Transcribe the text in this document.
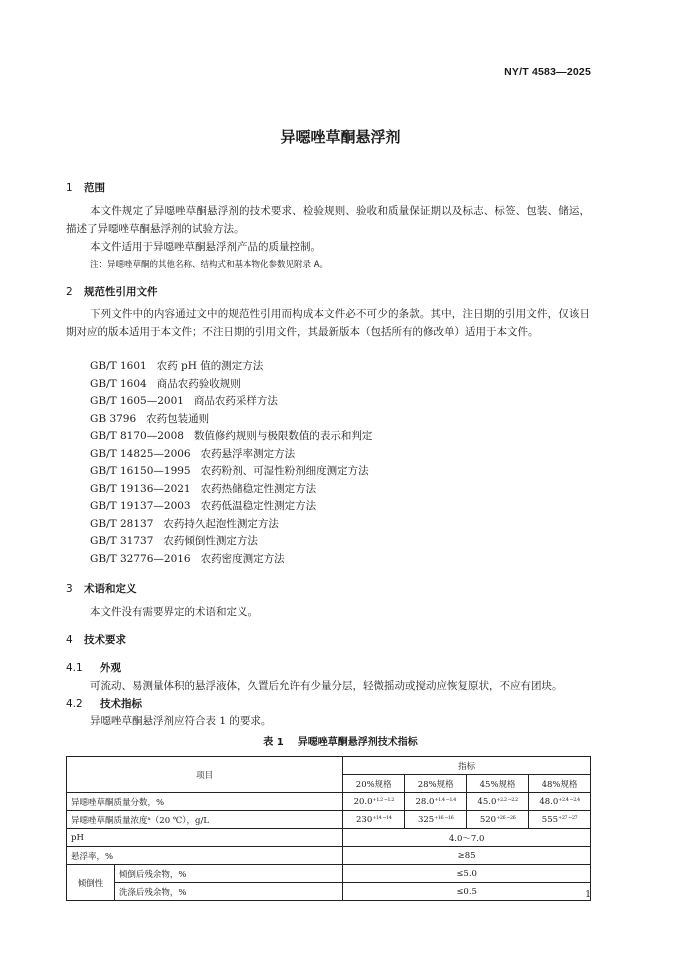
NY/T 4583—2025
异噁唑草酮悬浮剂
1 范围
本文件规定了异噁唑草酮悬浮剂的技术要求、检验规则、验收和质量保证期以及标志、标签、包装、储运，描述了异噁唑草酮悬浮剂的试验方法。
本文件适用于异噁唑草酮悬浮剂产品的质量控制。
注：异噁唑草酮的其他名称、结构式和基本物化参数见附录 A。
2 规范性引用文件
下列文件中的内容通过文中的规范性引用而构成本文件必不可少的条款。其中，注日期的引用文件，仅该日期对应的版本适用于本文件；不注日期的引用文件，其最新版本（包括所有的修改单）适用于本文件。
GB/T 1601 农药 pH 值的测定方法
GB/T 1604 商品农药验收规则
GB/T 1605—2001 商品农药采样方法
GB 3796 农药包装通则
GB/T 8170—2008 数值修约规则与极限数值的表示和判定
GB/T 14825—2006 农药悬浮率测定方法
GB/T 16150—1995 农药粉剂、可湿性粉剂细度测定方法
GB/T 19136—2021 农药热储稳定性测定方法
GB/T 19137—2003 农药低温稳定性测定方法
GB/T 28137 农药持久起泡性测定方法
GB/T 31737 农药倾倒性测定方法
GB/T 32776—2016 农药密度测定方法
3 术语和定义
本文件没有需要界定的术语和定义。
4 技术要求
4.1 外观
可流动、易测量体积的悬浮液体，久置后允许有少量分层，轻微摇动或搅动应恢复原状，不应有团块。
4.2 技术指标
异噁唑草酮悬浮剂应符合表 1 的要求。
表 1 异噁唑草酮悬浮剂技术指标
项目		指标			
		20%规格	28%规格	45%规格	48%规格
异噁唑草酮质量分数，%		$20.0^{+1.2 -1.2}$	$28.0^{+1.4 -1.4}$	$45.0^{+2.2 -2.2}$	$48.0^{+2.4 -2.4}$
异噁唑草酮质量浓度ᵃ（20 ℃），g/L		$230^{+14 -14}$	$325^{+16 -16}$	$520^{+26 -26}$	$555^{+27 -27}$
pH		4.0～7.0			
悬浮率，%		≥85			
倾倒性	倾倒后残余物，%	≤5.0			
	洗涤后残余物，%	≤0.5				1
